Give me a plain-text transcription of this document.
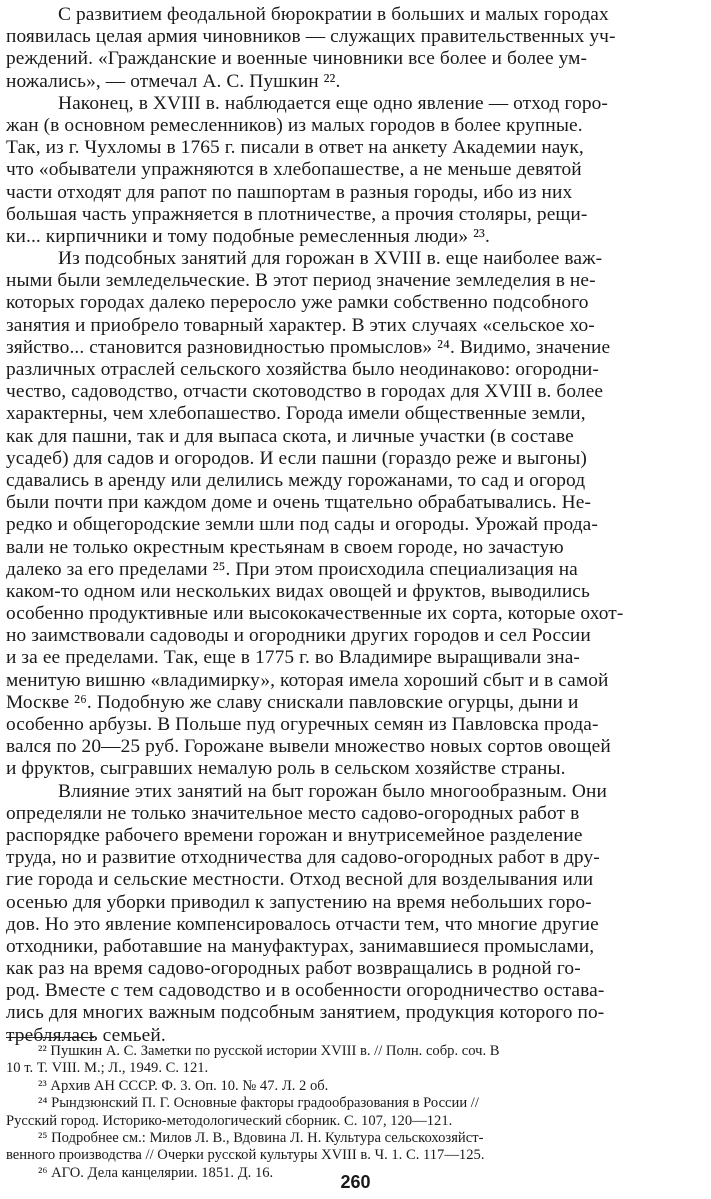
С развитием феодальной бюрократии в больших и малых городах
появилась целая армия чиновников — служащих правительственных уч-
реждений. «Гражданские и военные чиновники все более и более ум-
ножались», — отмечал А. С. Пушкин ²².
Наконец, в XVIII в. наблюдается еще одно явление — отход горо-
жан (в основном ремесленников) из малых городов в более крупные.
Так, из г. Чухломы в 1765 г. писали в ответ на анкету Академии наук,
что «обыватели упражняются в хлебопашестве, а не меньше девятой
части отходят для рапот по пашпортам в разныя городы, ибо из них
большая часть упражняется в плотничестве, а прочия столяры, рещи-
ки... кирпичники и тому подобные ремесленныя люди» ²³.
Из подсобных занятий для горожан в XVIII в. еще наиболее важ-
ными были земледельческие. В этот период значение земледелия в не-
которых городах далеко переросло уже рамки собственно подсобного
занятия и приобрело товарный характер. В этих случаях «сельское хо-
зяйство... становится разновидностью промыслов» ²⁴. Видимо, значение
различных отраслей сельского хозяйства было неодинаково: огородни-
чество, садоводство, отчасти скотоводство в городах для XVIII в. более
характерны, чем хлебопашество. Города имели общественные земли,
как для пашни, так и для выпаса скота, и личные участки (в составе
усадеб) для садов и огородов. И если пашни (гораздо реже и выгоны)
сдавались в аренду или делились между горожанами, то сад и огород
были почти при каждом доме и очень тщательно обрабатывались. Не-
редко и общегородские земли шли под сады и огороды. Урожай прода-
вали не только окрестным крестьянам в своем городе, но зачастую
далеко за его пределами ²⁵. При этом происходила специализация на
каком-то одном или нескольких видах овощей и фруктов, выводились
особенно продуктивные или высококачественные их сорта, которые охот-
но заимствовали садоводы и огородники других городов и сел России
и за ее пределами. Так, еще в 1775 г. во Владимире выращивали зна-
менитую вишню «владимирку», которая имела хороший сбыт и в самой
Москве ²⁶. Подобную же славу снискали павловские огурцы, дыни и
особенно арбузы. В Польше пуд огуречных семян из Павловска прода-
вался по 20—25 руб. Горожане вывели множество новых сортов овощей
и фруктов, сыгравших немалую роль в сельском хозяйстве страны.
Влияние этих занятий на быт горожан было многообразным. Они
определяли не только значительное место садово-огородных работ в
распорядке рабочего времени горожан и внутрисемейное разделение
труда, но и развитие отходничества для садово-огородных работ в дру-
гие города и сельские местности. Отход весной для возделывания или
осенью для уборки приводил к запустению на время небольших горо-
дов. Но это явление компенсировалось отчасти тем, что многие другие
отходники, работавшие на мануфактурах, занимавшиеся промыслами,
как раз на время садово-огородных работ возвращались в родной го-
род. Вместе с тем садоводство и в особенности огородничество остава-
лись для многих важным подсобным занятием, продукция которого по-
треблялась семьей.
²² Пушкин А. С. Заметки по русской истории XVIII в. // Полн. собр. соч. В
10 т. Т. VIII. М.; Л., 1949. С. 121.
²³ Архив АН СССР. Ф. 3. Оп. 10. № 47. Л. 2 об.
²⁴ Рындзюнский П. Г. Основные факторы градообразования в России //
Русский город. Историко-методологический сборник. С. 107, 120—121.
²⁵ Подробнее см.: Милов Л. В., Вдовина Л. Н. Культура сельскохозяйст-
венного производства // Очерки русской культуры XVIII в. Ч. 1. С. 117—125.
²⁶ АГО. Дела канцелярии. 1851. Д. 16.	260
